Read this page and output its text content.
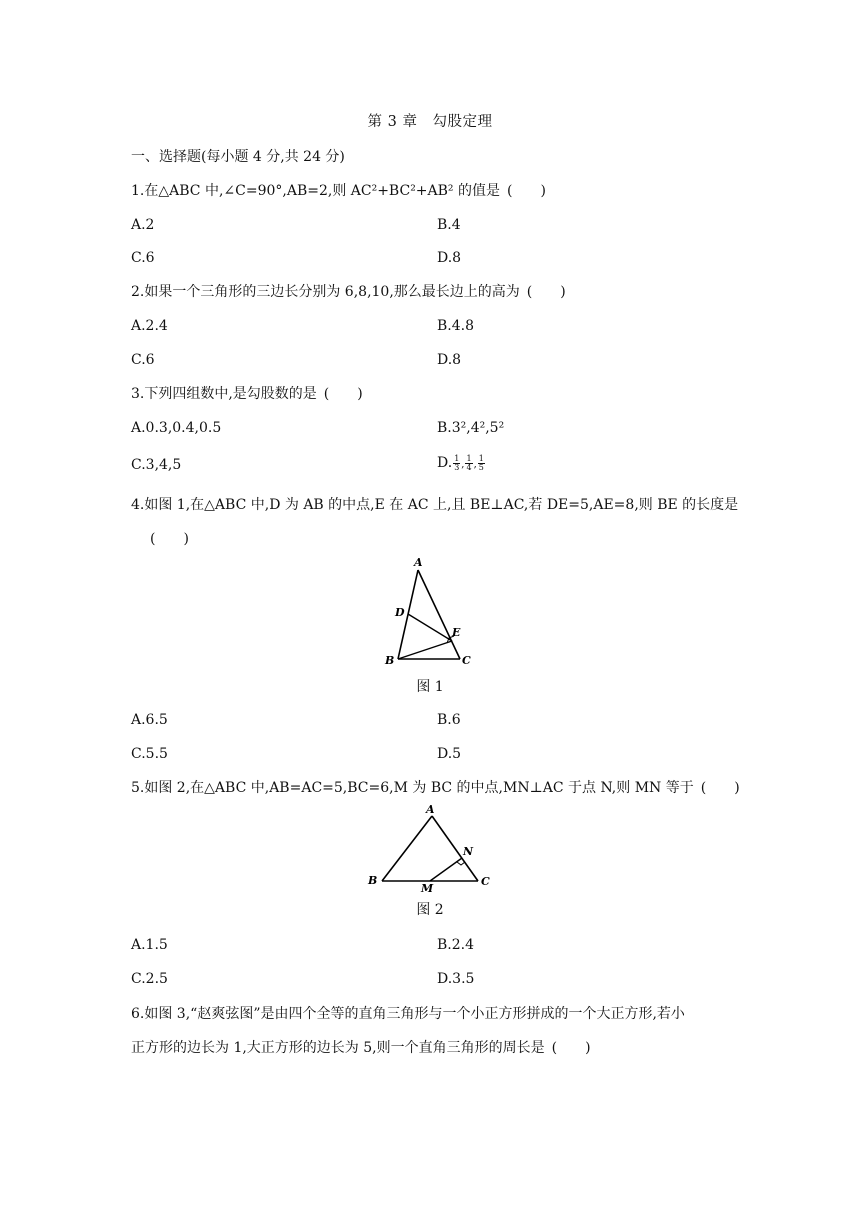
第 3 章　勾股定理
一、选择题(每小题 4 分,共 24 分)
1.在△ABC 中,∠C=90°,AB=2,则 AC²+BC²+AB² 的值是 (　　)
A.2	B.4
C.6	D.8
2.如果一个三角形的三边长分别为 6,8,10,那么最长边上的高为 (　　)
A.2.4	B.4.8
C.6	D.8
3.下列四组数中,是勾股数的是 (　　)
A.0.3,0.4,0.5	B.3²,4²,5²
C.3,4,5	D. $\frac{1}{3}$ , $\frac{1}{4}$ , $\frac{1}{5}$
4.如图 1,在△ABC 中,D 为 AB 的中点,E 在 AC 上,且 BE⊥AC,若 DE=5,AE=8,则 BE 的长度是
(　　)
A
B	C
D
E
图 1
A.6.5	B.6
C.5.5	D.5
5.如图 2,在△ABC 中,AB=AC=5,BC=6,M 为 BC 的中点,MN⊥AC 于点 N,则 MN 等于 (　　)
A
B	C
M
N
图 2
A.1.5	B.2.4
C.2.5	D.3.5
6.如图 3,“赵爽弦图”是由四个全等的直角三角形与一个小正方形拼成的一个大正方形,若小
正方形的边长为 1,大正方形的边长为 5,则一个直角三角形的周长是 (　　)
